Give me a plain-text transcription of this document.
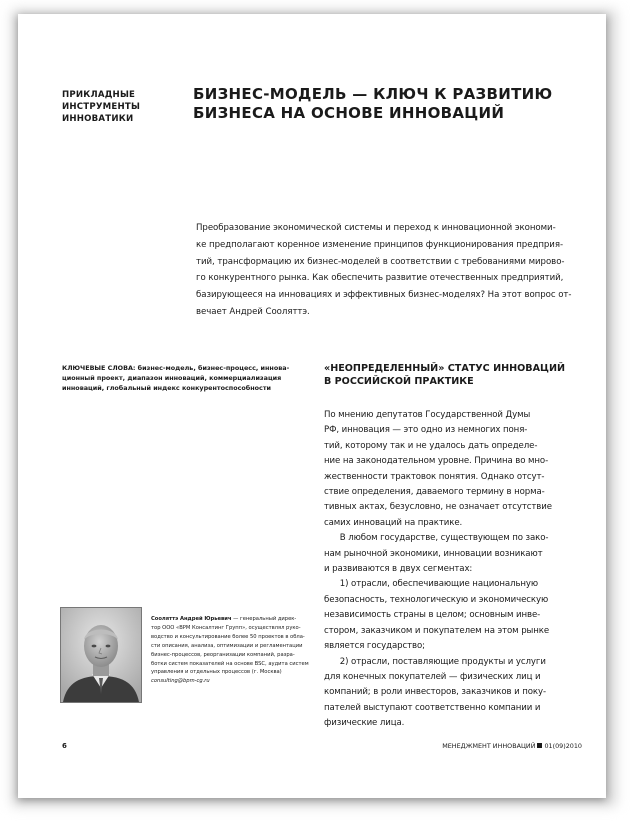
ПРИКЛАДНЫЕ
ИНСТРУМЕНТЫ
ИННОВАТИКИ
БИЗНЕС-МОДЕЛЬ — КЛЮЧ К РАЗВИТИЮ
БИЗНЕСА НА ОСНОВЕ ИННОВАЦИЙ
Преобразование экономической системы и переход к инновационной экономи-
ке предполагают коренное изменение принципов функционирования предприя-
тий, трансформацию их бизнес-моделей в соответствии с требованиями мирово-
го конкурентного рынка. Как обеспечить развитие отечественных предприятий,
базирующееся на инновациях и эффективных бизнес-моделях? На этот вопрос от-
вечает Андрей Сооляттэ.
КЛЮЧЕВЫЕ СЛОВА: бизнес-модель, бизнес-процесс, иннова-
ционный проект, диапазон инноваций, коммерциализация
инноваций, глобальный индекс конкурентоспособности
«НЕОПРЕДЕЛЕННЫЙ» СТАТУС ИННОВАЦИЙ
В РОССИЙСКОЙ ПРАКТИКЕ
По мнению депутатов Государственной Думы
РФ, инновация — это одно из немногих поня-
тий, которому так и не удалось дать определе-
ние на законодательном уровне. Причина во мно-
жественности трактовок понятия. Однако отсут-
ствие определения, даваемого термину в норма-
тивных актах, безусловно, не означает отсутствие
самих инноваций на практике.
В любом государстве, существующем по зако-
нам рыночной экономики, инновации возникают
и развиваются в двух сегментах:
1) отрасли, обеспечивающие национальную
безопасность, технологическую и экономическую
независимость страны в целом; основным инве-
стором, заказчиком и покупателем на этом рынке
является государство;
2) отрасли, поставляющие продукты и услуги
для конечных покупателей — физических лиц и
компаний; в роли инвесторов, заказчиков и поку-
пателей выступают соответственно компании и
физические лица.
Сооляттэ Андрей Юрьевич — генеральный дирек-
тор ООО «BPM Консалтинг Групп», осуществлял руко-
водство и консультирование более 50 проектов в обла-
сти описания, анализа, оптимизации и регламентации
бизнес-процессов, реорганизации компаний, разра-
ботки систем показателей на основе BSC, аудита систем
управления и отдельных процессов (г. Москва)
consulting@bpm-cg.ru
6	МЕНЕДЖМЕНТ ИННОВАЦИЙ 01(09)2010
